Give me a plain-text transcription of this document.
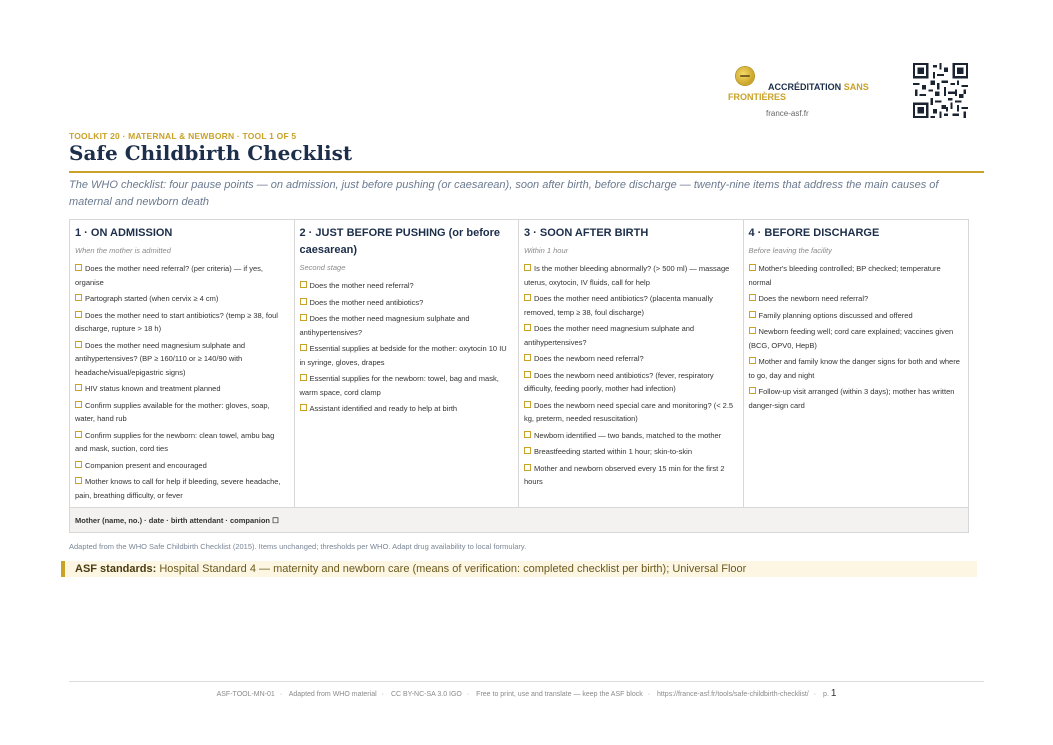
ACCRÉDITATION SANS FRONTIÈRES
france-asf.fr
TOOLKIT 20 · MATERNAL & NEWBORN · TOOL 1 OF 5
Safe Childbirth Checklist
The WHO checklist: four pause points — on admission, just before pushing (or caesarean), soon after birth, before discharge — twenty-nine items that address the main causes of maternal and newborn death
1 · ON ADMISSION
When the mother is admitted
Does the mother need referral? (per criteria) — if yes, organise
Partograph started (when cervix ≥ 4 cm)
Does the mother need to start antibiotics? (temp ≥ 38, foul discharge, rupture > 18 h)
Does the mother need magnesium sulphate and antihypertensives? (BP ≥ 160/110 or ≥ 140/90 with headache/visual/epigastric signs)
HIV status known and treatment planned
Confirm supplies available for the mother: gloves, soap, water, hand rub
Confirm supplies for the newborn: clean towel, ambu bag and mask, suction, cord ties
Companion present and encouraged
Mother knows to call for help if bleeding, severe headache, pain, breathing difficulty, or fever
2 · JUST BEFORE PUSHING (or before caesarean)
Second stage
Does the mother need referral?
Does the mother need antibiotics?
Does the mother need magnesium sulphate and antihypertensives?
Essential supplies at bedside for the mother: oxytocin 10 IU in syringe, gloves, drapes
Essential supplies for the newborn: towel, bag and mask, warm space, cord clamp
Assistant identified and ready to help at birth
3 · SOON AFTER BIRTH
Within 1 hour
Is the mother bleeding abnormally? (> 500 ml) — massage uterus, oxytocin, IV fluids, call for help
Does the mother need antibiotics? (placenta manually removed, temp ≥ 38, foul discharge)
Does the mother need magnesium sulphate and antihypertensives?
Does the newborn need referral?
Does the newborn need antibiotics? (fever, respiratory difficulty, feeding poorly, mother had infection)
Does the newborn need special care and monitoring? (< 2.5 kg, preterm, needed resuscitation)
Newborn identified — two bands, matched to the mother
Breastfeeding started within 1 hour; skin-to-skin
Mother and newborn observed every 15 min for the first 2 hours
4 · BEFORE DISCHARGE
Before leaving the facility
Mother's bleeding controlled; BP checked; temperature normal
Does the newborn need referral?
Family planning options discussed and offered
Newborn feeding well; cord care explained; vaccines given (BCG, OPV0, HepB)
Mother and family know the danger signs for both and where to go, day and night
Follow-up visit arranged (within 3 days); mother has written danger-sign card
Mother (name, no.) · date · birth attendant · companion ☐
Adapted from the WHO Safe Childbirth Checklist (2015). Items unchanged; thresholds per WHO. Adapt drug availability to local formulary.
ASF standards: Hospital Standard 4 — maternity and newborn care (means of verification: completed checklist per birth); Universal Floor
ASF-TOOL-MN-01 · Adapted from WHO material · CC BY-NC-SA 3.0 IGO · Free to print, use and translate — keep the ASF block · https://france-asf.fr/tools/safe-childbirth-checklist/ · p. 1
